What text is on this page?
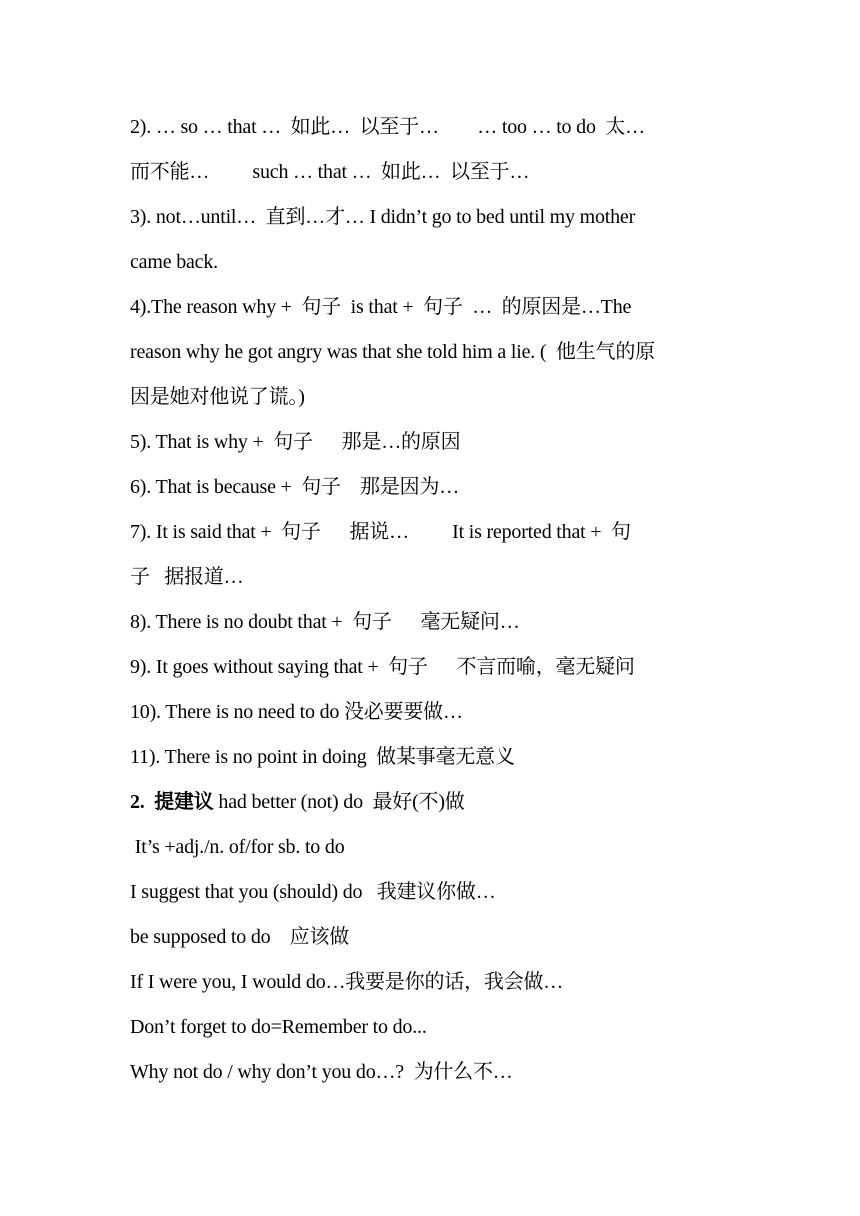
2). … so … that …  如此…  以至于…        … too … to do  太…
而不能…         such … that …  如此…  以至于…
3). not…until…  直到…才… I didn’t go to bed until my mother
came back.
4).The reason why +  句子  is that +  句子  …  的原因是…The
reason why he got angry was that she told him a lie. (  他生气的原
因是她对他说了谎。)
5). That is why +  句子      那是…的原因
6). That is because +  句子    那是因为…
7). It is said that +  句子      据说…         It is reported that +  句
子   据报道…
8). There is no doubt that +  句子      毫无疑问…
9). It goes without saying that +  句子      不言而喻，毫无疑问
10). There is no need to do 没必要要做…
11). There is no point in doing  做某事毫无意义
2.  提建议 had better (not) do  最好(不)做
It’s +adj./n. of/for sb. to do
I suggest that you (should) do   我建议你做…
be supposed to do    应该做
If I were you, I would do…我要是你的话，我会做…
Don’t forget to do=Remember to do...
Why not do / why don’t you do…?  为什么不…
